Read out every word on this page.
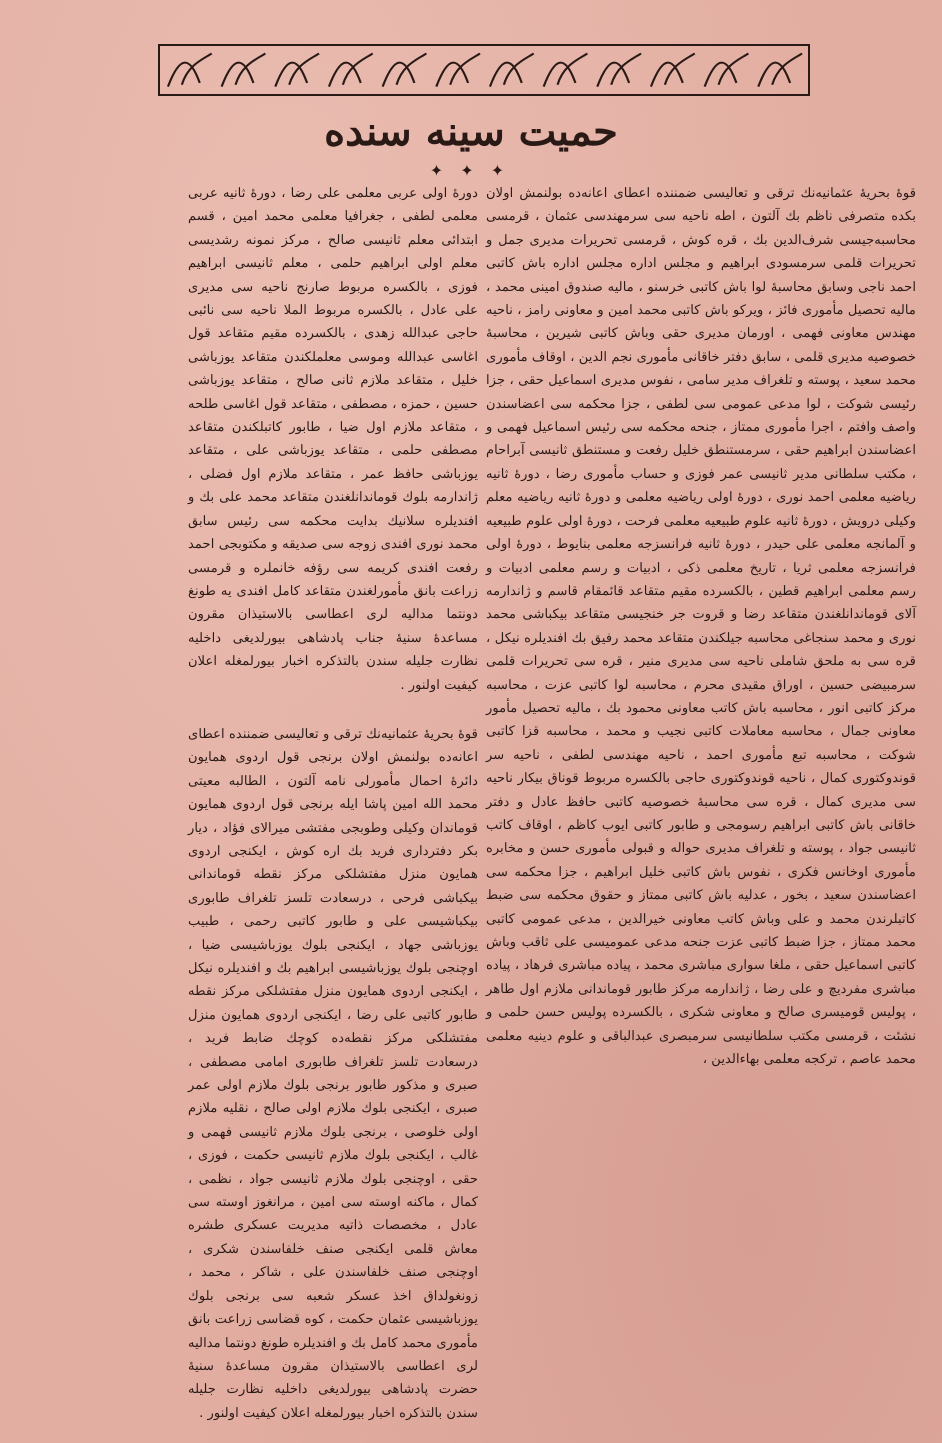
حميت سينه سنده
✦ ✦ ✦

قوهٔ بحريهٔ عثمانيه‌نك ترقى و تعاليسى ضمننده اعطاى اعانه‌ده بولنمش اولان بكده متصرفى ناظم بك آلتون ، اطه ناحيه سى سرمهندسى عثمان ، قرمسى محاسبه‌جيسى شرف‌الدين بك ، قره كوش ، قرمسى تحريرات مديرى جمل و تحريرات قلمى سرمسودى ابراهيم و مجلس اداره مجلس اداره باش كاتبى احمد ناجى وسابق محاسبهٔ لوا باش كاتبى خرسنو ، ماليه صندوق امينى محمد ، ماليه تحصيل مأمورى فائز ، ويركو باش كاتبى محمد امين و معاونى رامز ، ناحيه مهندس معاونى فهمى ، اورمان مديرى حقى وباش كاتبى شيرين ، محاسبهٔ خصوصيه مديرى قلمى ، سابق دفتر خاقانى مأمورى نجم الدين ، اوقاف مأمورى محمد سعيد ، پوسته و تلغراف مدير سامى ، نفوس مديرى اسماعيل حقى ، جزا رئيسى شوكت ، لوا مدعى عمومى سى لطفى ، جزا محكمه سى اعضاسندن واصف وافتم ، اجرا مأمورى ممتاز ، جنحه محكمه سى رئيس اسماعيل فهمى و اعضاسندن ابراهيم حقى ، سرمستنطق خليل رفعت و مستنطق ثانيسى آبراحام ، مكتب سلطانى مدير ثانيسى عمر فوزى و حساب مأمورى رضا ، دورهٔ ثانيه رياضيه معلمى احمد نورى ، دورهٔ اولى رياضيه معلمى و دورهٔ ثانيه رياضيه معلم وكيلى درويش ، دورهٔ ثانيه علوم طبيعيه معلمى فرحت ، دورهٔ اولى علوم طبيعيه و آلمانجه معلمى على حيدر ، دورهٔ ثانيه فرانسزجه معلمى بنايوط ، دورهٔ اولى فرانسزجه معلمى ثريا ، تاريخ معلمى ذكى ، ادبيات و رسم معلمى ادبيات و رسم معلمى ابراهيم قطين ، بالكسرده مقيم متقاعد قائمقام قاسم و ژاندارمه آلاى قوماندانلغندن متقاعد رضا و قروت جر خنجيسى متقاعد بيكباشى محمد نورى و محمد سنجاغى محاسبه جيلكندن متقاعد محمد رفيق بك افنديلره نيكل ، قره سى به ملحق شاملى ناحيه سى مديرى منير ، قره سى تحريرات قلمى سرمبيضى حسين ، اوراق مقيدى محرم ، محاسبه لوا كاتبى عزت ، محاسبه مركز كاتبى انور ، محاسبه باش كاتب معاونى محمود بك ، ماليه تحصيل مأمور معاونى جمال ، محاسبه معاملات كاتبى نجيب و محمد ، محاسبه قزا كاتبى شوكت ، محاسبه تبع مأمورى احمد ، ناحيه مهندسى لطفى ، ناحيه سر قوندوكتورى كمال ، ناحيه قوندوكتورى حاجى بالكسره مربوط قوناق بيكار ناحيه سى مديرى كمال ، قره سى محاسبهٔ خصوصيه كاتبى حافظ عادل و دفتر خاقانى باش كاتبى ابراهيم رسومجى و طابور كاتبى ايوب كاظم ، اوقاف كاتب ثانيسى جواد ، پوسته و تلغراف مديرى حواله و قبولى مأمورى حسن و مخابره مأمورى اوخانس فكرى ، نفوس باش كاتبى خليل ابراهيم ، جزا محكمه سى اعضاسندن سعيد ، بخور ، عدليه باش كاتبى ممتاز و حقوق محكمه سى ضبط كاتبلرندن محمد و على وباش كاتب معاونى خيرالدين ، مدعى عمومى كاتبى محمد ممتاز ، جزا ضبط كاتبى عزت جنحه مدعى عموميسى على ثاقب وباش كاتبى اسماعيل حقى ، ملغا سوارى مباشرى محمد ، پياده مباشرى فرهاد ، پياده مباشرى مفرديچ و على رضا ، ژاندارمه مركز طابور قوماندانى ملازم اول طاهر ، پوليس قوميسرى صالح و معاونى شكرى ، بالكسرده پوليس حسن حلمى و نشئت ، قرمسى مكتب سلطانيسى سرمبصرى عبدالباقى و علوم دينيه معلمى محمد عاصم ، تركجه معلمى بهاءالدين ،

دورهٔ اولى عربى معلمى على رضا ، دورهٔ ثانيه عربى معلمى لطفى ، جغرافيا معلمى محمد امين ، قسم ابتدائى معلم ثانيسى صالح ، مركز نمونه رشديسى معلم اولى ابراهيم حلمى ، معلم ثانيسى ابراهيم فوزى ، بالكسره مربوط صارنج ناحيه سى مديرى على عادل ، بالكسره مربوط الملا ناحيه سى نائبى حاجى عبدالله زهدى ، بالكسرده مقيم متقاعد قول اغاسى عبدالله وموسى معلملكندن متقاعد يوزباشى خليل ، متقاعد ملازم ثانى صالح ، متقاعد يوزباشى حسين ، حمزه ، مصطفى ، متقاعد قول اغاسى طلحه ، متقاعد ملازم اول ضيا ، طابور كاتبلكندن متقاعد مصطفى حلمى ، متقاعد يوزباشى على ، متقاعد يوزباشى حافظ عمر ، متقاعد ملازم اول فضلى ، ژاندارمه بلوك قوماندانلغندن متقاعد محمد على بك و افنديلره سلانيك بدايت محكمه سى رئيس سابق محمد نورى افندى زوجه سى صديقه و مكتوبجى احمد رفعت افندى كريمه سى رؤفه خانملره و قرمسى زراعت بانق مأمورلغندن متقاعد كامل افندى يه طونغ دونتما مداليه لرى اعطاسى بالاستيذان مقرون مساعدهٔ سنيهٔ جناب پادشاهى بيورلديغى داخليه نظارت جليله سندن بالتذكره اخبار بيورلمغله اعلان كيفيت اولنور .

قوهٔ بحريهٔ عثمانيه‌نك ترقى و تعاليسى ضمننده اعطاى اعانه‌ده بولنمش اولان برنجى قول اردوى همايون دائرهٔ احمال مأمورلى نامه آلتون ، الطالبه معيتى محمد الله امين پاشا ايله برنجى قول اردوى همايون قوماندان وكيلى وطوبجى مفتشى ميرالاى فؤاد ، ديار بكر دفتردارى فريد بك اره كوش ، ايكنجى اردوى همايون منزل مفتشلكى مركز نقطه قوماندانى بيكباشى فرحى ، درسعادت تلسز تلغراف طابورى بيكباشيسى على و طابور كاتبى رحمى ، طبيب يوزباشى جهاد ، ايكنجى بلوك يوزباشيسى ضيا ، اوچنجى بلوك يوزباشيسى ابراهيم بك و افنديلره نيكل ، ايكنجى اردوى همايون منزل مفتشلكى مركز نقطه طابور كاتبى على رضا ، ايكنجى اردوى همايون منزل مفتشلكى مركز نقطه‌ده كوچك ضابط فريد ، درسعادت تلسز تلغراف طابورى امامى مصطفى ، صبرى و مذكور طابور برنجى بلوك ملازم اولى عمر صبرى ، ايكنجى بلوك ملازم اولى صالح ، نقليه ملازم اولى خلوصى ، برنجى بلوك ملازم ثانيسى فهمى و غالب ، ايكنجى بلوك ملازم ثانيسى حكمت ، فوزى ، حقى ، اوچنجى بلوك ملازم ثانيسى جواد ، نظمى ، كمال ، ماكنه اوسته سى امين ، مرانغوز اوسته سى عادل ، مخصصات ذاتيه مديريت عسكرى طشره معاش قلمى ايكنجى صنف خلفاسندن شكرى ، اوچنجى صنف خلفاسندن على ، شاكر ، محمد ، زونغولداق اخذ عسكر شعبه سى برنجى بلوك يوزباشيسى عثمان حكمت ، كوه قضاسى زراعت بانق مأمورى محمد كامل بك و افنديلره طونغ دونتما مداليه لرى اعطاسى بالاستيذان مقرون مساعدهٔ سنيهٔ حضرت پادشاهى بيورلديغى داخليه نظارت جليله سندن بالتذكره اخبار بيورلمغله اعلان كيفيت اولنور .
